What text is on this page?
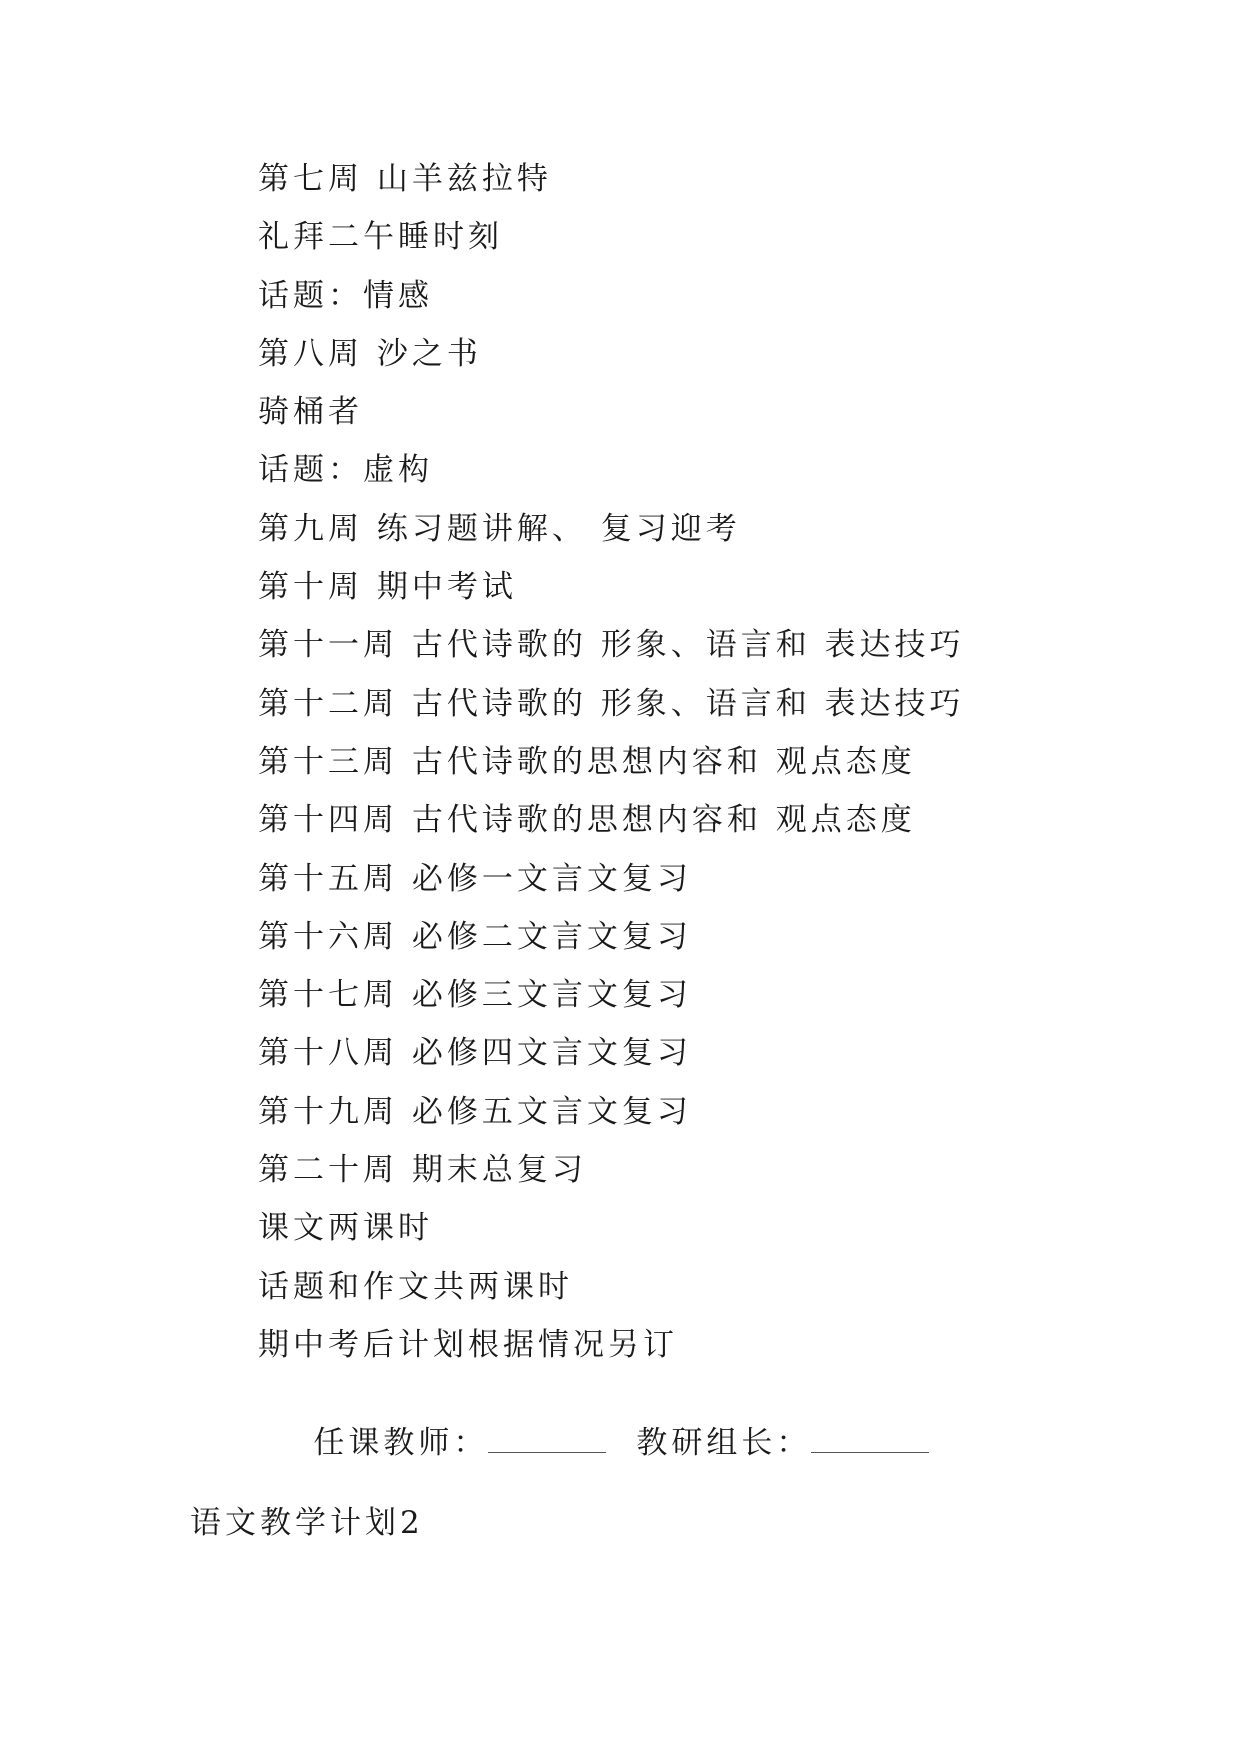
第七周 山羊兹拉特
礼拜二午睡时刻
话题：情感
第八周 沙之书
骑桶者
话题：虚构
第九周 练习题讲解、 复习迎考
第十周 期中考试
第十一周 古代诗歌的 形象、语言和 表达技巧
第十二周 古代诗歌的 形象、语言和 表达技巧
第十三周 古代诗歌的思想内容和 观点态度
第十四周 古代诗歌的思想内容和 观点态度
第十五周 必修一文言文复习
第十六周 必修二文言文复习
第十七周 必修三文言文复习
第十八周 必修四文言文复习
第十九周 必修五文言文复习
第二十周 期末总复习
课文两课时
话题和作文共两课时
期中考后计划根据情况另订

任课教师：	教研组长：

语文教学计划2
